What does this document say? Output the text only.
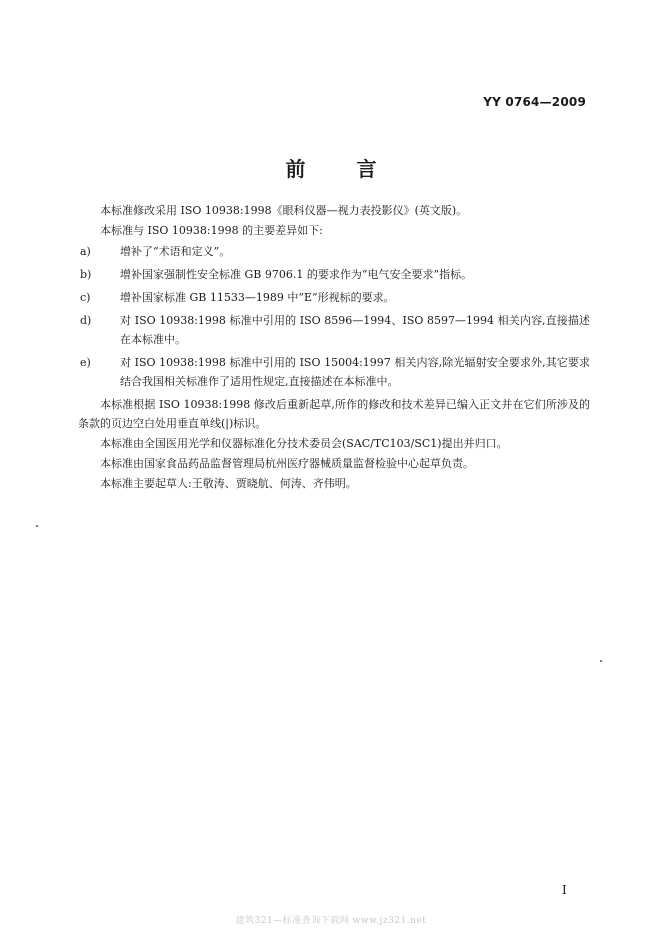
YY 0764—2009
前 言

本标准修改采用 ISO 10938:1998《眼科仪器—视力表投影仪》(英文版)。

本标准与 ISO 10938:1998 的主要差异如下:

a)	增补了“术语和定义”。
b)	增补国家强制性安全标准 GB 9706.1 的要求作为“电气安全要求”指标。
c)	增补国家标准 GB 11533—1989 中“E”形视标的要求。
d)	对 ISO 10938:1998 标准中引用的 ISO 8596—1994、ISO 8597—1994 相关内容,直接描述在本标准中。
e)	对 ISO 10938:1998 标准中引用的 ISO 15004:1997 相关内容,除光辐射安全要求外,其它要求结合我国相关标准作了适用性规定,直接描述在本标准中。

本标准根据 ISO 10938:1998 修改后重新起草,所作的修改和技术差异已编入正文并在它们所涉及的条款的页边空白处用垂直单线(|)标识。

本标准由全国医用光学和仪器标准化分技术委员会(SAC/TC103/SC1)提出并归口。

本标准由国家食品药品监督管理局杭州医疗器械质量监督检验中心起草负责。

本标准主要起草人:王敬涛、贾晓航、何涛、齐伟明。

I
建筑321—标准查询下载网 www.jz321.net
